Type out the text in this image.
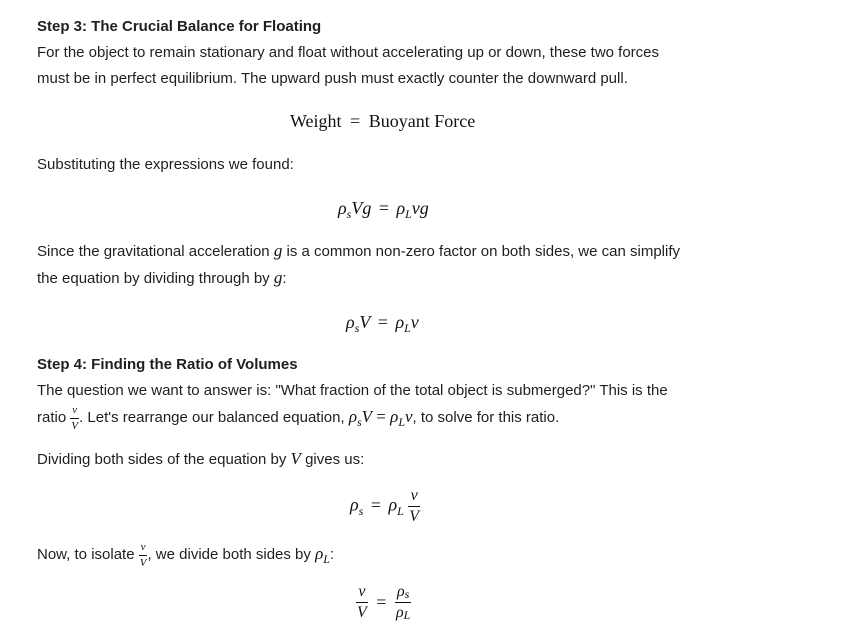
Step 3: The Crucial Balance for Floating
For the object to remain stationary and float without accelerating up or down, these two forces
must be in perfect equilibrium. The upward push must exactly counter the downward pull.
Weight = Buoyant Force
Substituting the expressions we found:
$\rho_sVg = \rho_Lvg$
Since the gravitational acceleration g is a common non-zero factor on both sides, we can simplify
the equation by dividing through by g:
$\rho_sV = \rho_Lv$
Step 4: Finding the Ratio of Volumes
The question we want to answer is: "What fraction of the total object is submerged?" This is the
ratio $\frac{v}{V}$ . Let's rearrange our balanced equation, $\rho_sV = \rho_Lv$, to solve for this ratio.
Dividing both sides of the equation by V gives us:
$\rho_s = \rho_L \frac{v}{V}$
Now, to isolate $\frac{v}{V}$ , we divide both sides by $\rho_L$:
$\frac{v}{V} = \frac{\rho s}{\rho L}$
